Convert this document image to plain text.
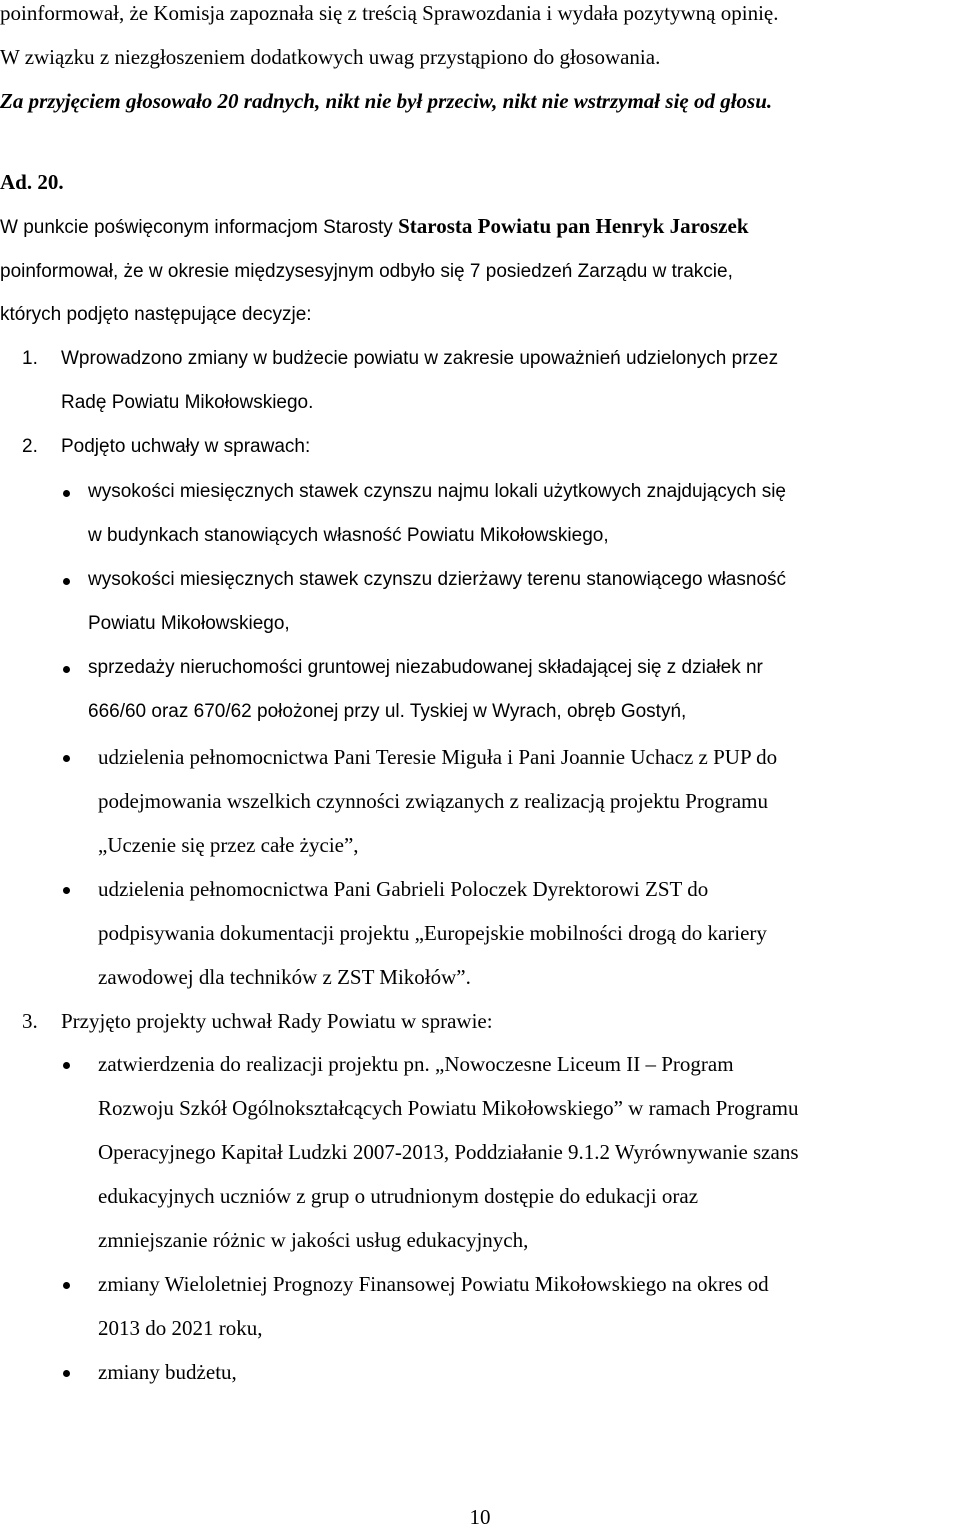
poinformował, że Komisja zapoznała się z treścią Sprawozdania i wydała pozytywną opinię.
W związku z niezgłoszeniem dodatkowych uwag przystąpiono do głosowania.
Za przyjęciem głosowało 20 radnych, nikt nie był przeciw, nikt nie wstrzymał się od głosu.
Ad. 20.
W punkcie poświęconym informacjom Starosty Starosta Powiatu pan Henryk Jaroszek
poinformował, że w okresie międzysesyjnym odbyło się 7 posiedzeń Zarządu w trakcie,
których podjęto następujące decyzje:
1. Wprowadzono zmiany w budżecie powiatu w zakresie upoważnień udzielonych przez
Radę Powiatu Mikołowskiego.
2. Podjęto uchwały w sprawach:
wysokości miesięcznych stawek czynszu najmu lokali użytkowych znajdujących się
w budynkach stanowiących własność Powiatu Mikołowskiego,
wysokości miesięcznych stawek czynszu dzierżawy terenu stanowiącego własność
Powiatu Mikołowskiego,
sprzedaży nieruchomości gruntowej niezabudowanej składającej się z działek nr
666/60 oraz 670/62 położonej przy ul. Tyskiej w Wyrach, obręb Gostyń,
udzielenia pełnomocnictwa Pani Teresie Miguła i Pani Joannie Uchacz z PUP do
podejmowania wszelkich czynności związanych z realizacją projektu Programu
„Uczenie się przez całe życie”,
udzielenia pełnomocnictwa Pani Gabrieli Poloczek Dyrektorowi ZST do
podpisywania dokumentacji projektu „Europejskie mobilności drogą do kariery
zawodowej dla techników z ZST Mikołów”.
3. Przyjęto projekty uchwał Rady Powiatu w sprawie:
zatwierdzenia do realizacji projektu pn. „Nowoczesne Liceum II – Program
Rozwoju Szkół Ogólnokształcących Powiatu Mikołowskiego” w ramach Programu
Operacyjnego Kapitał Ludzki 2007-2013, Poddziałanie 9.1.2 Wyrównywanie szans
edukacyjnych uczniów z grup o utrudnionym dostępie do edukacji oraz
zmniejszanie różnic w jakości usług edukacyjnych,
zmiany Wieloletniej Prognozy Finansowej Powiatu Mikołowskiego na okres od
2013 do 2021 roku,
zmiany budżetu,
10
